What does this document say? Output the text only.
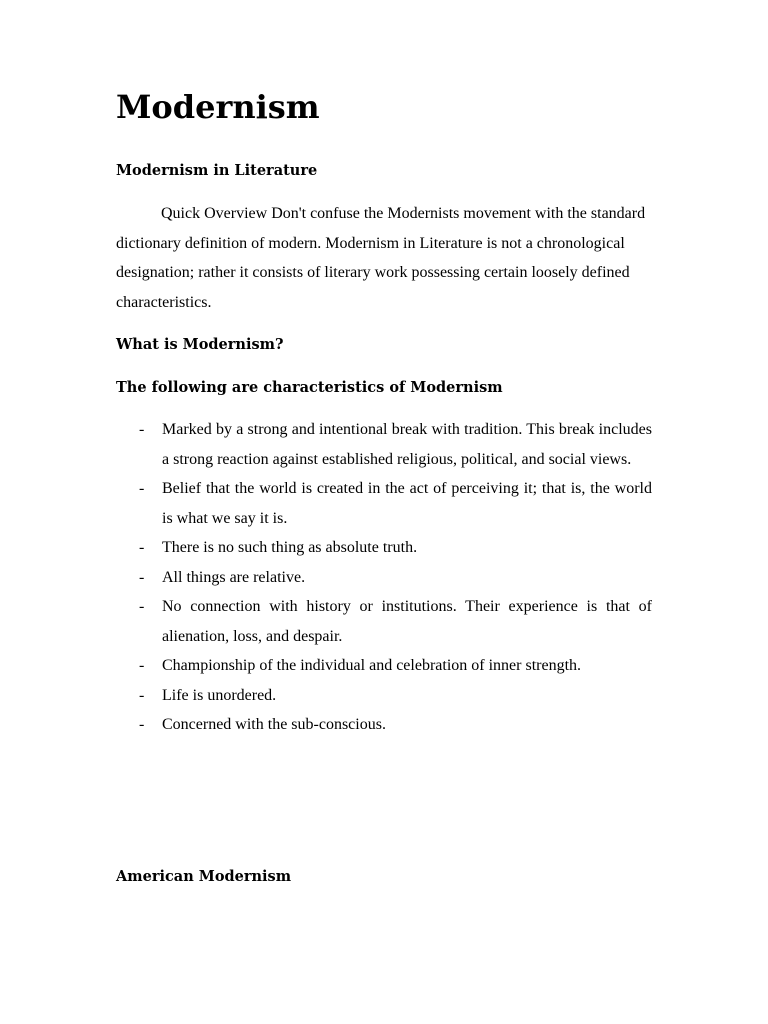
Modernism
Modernism in Literature

Quick Overview Don't confuse the Modernists movement with the standard dictionary definition of modern. Modernism in Literature is not a chronological designation; rather it consists of literary work possessing certain loosely defined characteristics.

What is Modernism?
The following are characteristics of Modernism
- Marked by a strong and intentional break with tradition. This break includes a strong reaction against established religious, political, and social views.
- Belief that the world is created in the act of perceiving it; that is, the world is what we say it is.
- There is no such thing as absolute truth.
- All things are relative.
- No connection with history or institutions. Their experience is that of alienation, loss, and despair.
- Championship of the individual and celebration of inner strength.
- Life is unordered.
- Concerned with the sub-conscious.
American Modernism
